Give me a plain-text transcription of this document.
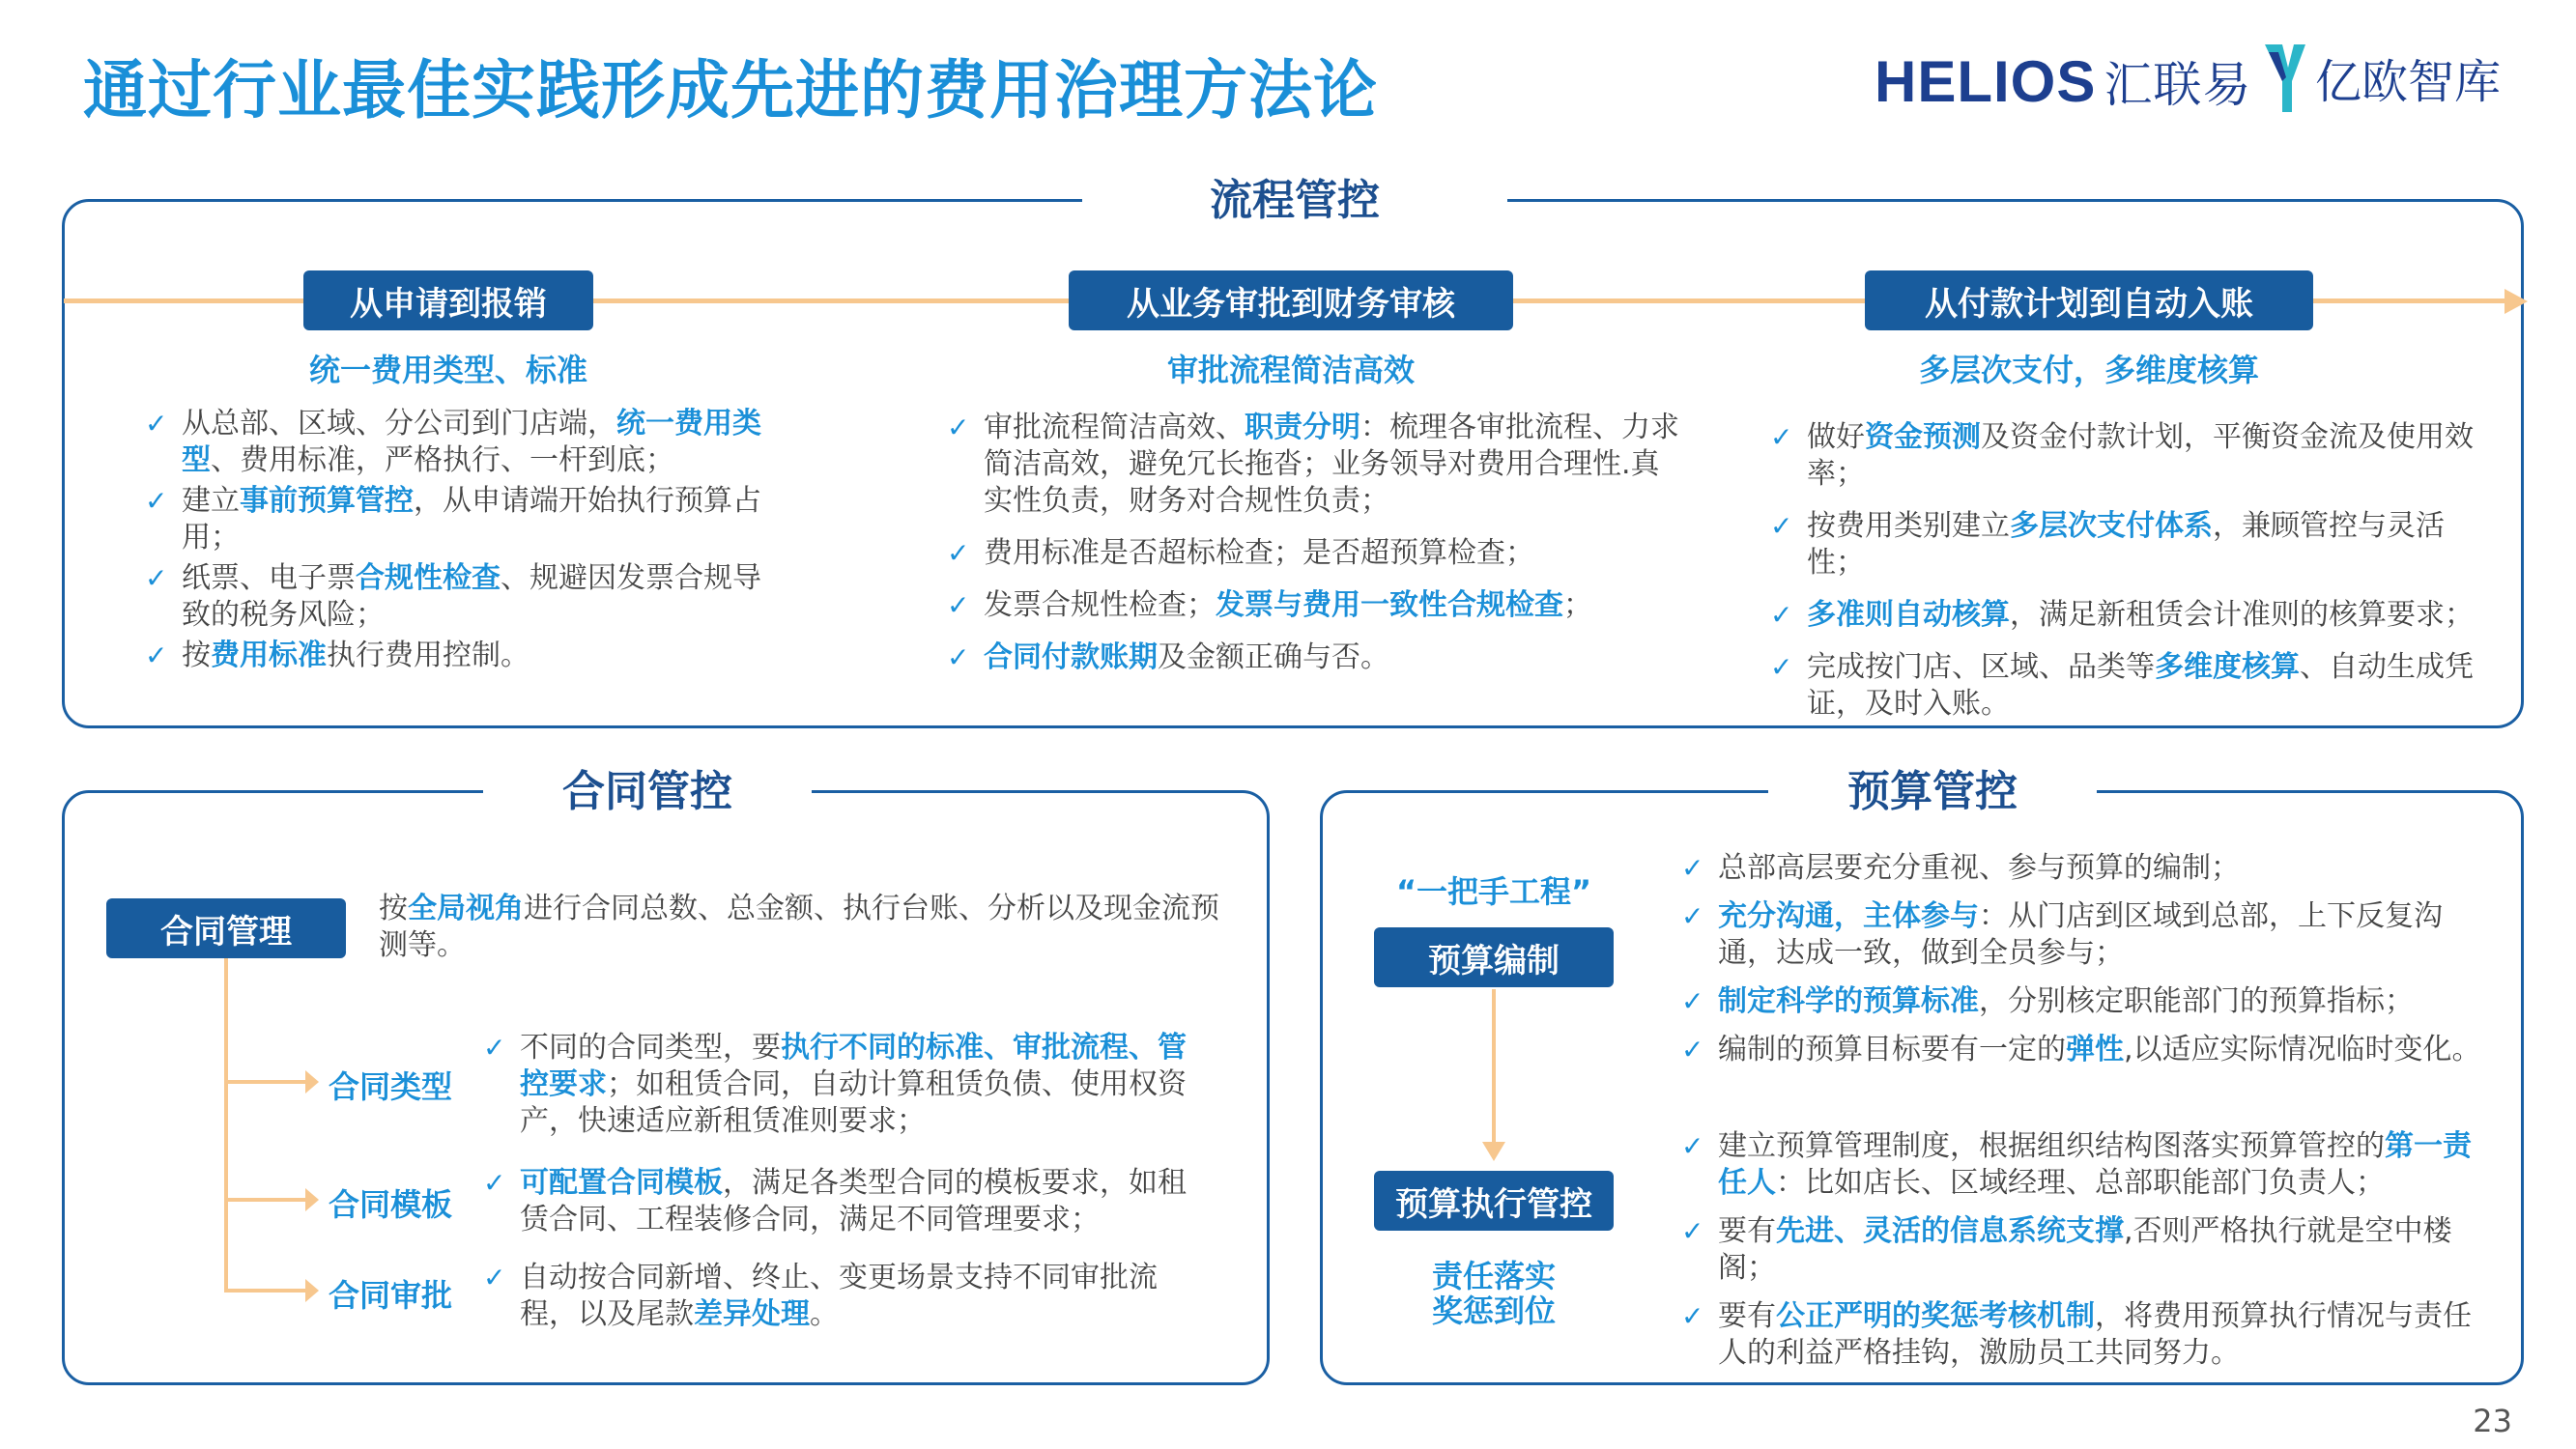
通过行业最佳实践形成先进的费用治理方法论	HELIOS 汇联易 亿欧智库
流程管控
从申请到报销
统一费用类型、标准
✓ 从总部、区域、分公司到门店端，统一费用类型、费用标准，严格执行、一杆到底；
✓ 建立事前预算管控，从申请端开始执行预算占用；
✓ 纸票、电子票合规性检查、规避因发票合规导致的税务风险；
✓ 按费用标准执行费用控制。
从业务审批到财务审核
审批流程简洁高效
✓ 审批流程简洁高效、职责分明：梳理各审批流程、力求简洁高效，避免冗长拖沓；业务领导对费用合理性.真实性负责，财务对合规性负责；
✓ 费用标准是否超标检查；是否超预算检查；
✓ 发票合规性检查；发票与费用一致性合规检查；
✓ 合同付款账期及金额正确与否。
从付款计划到自动入账
多层次支付，多维度核算
✓ 做好资金预测及资金付款计划，平衡资金流及使用效率；
✓ 按费用类别建立多层次支付体系，兼顾管控与灵活性；
✓ 多准则自动核算，满足新租赁会计准则的核算要求；
✓ 完成按门店、区域、品类等多维度核算、自动生成凭证，及时入账。
合同管控
合同管理
按全局视角进行合同总数、总金额、执行台账、分析以及现金流预测等。
合同类型
合同模板
合同审批
✓ 不同的合同类型，要执行不同的标准、审批流程、管控要求；如租赁合同，自动计算租赁负债、使用权资产，快速适应新租赁准则要求；
✓ 可配置合同模板，满足各类型合同的模板要求，如租赁合同、工程装修合同，满足不同管理要求；
✓ 自动按合同新增、终止、变更场景支持不同审批流程，以及尾款差异处理。
预算管控
“一把手工程”
预算编制
预算执行管控
责任落实
奖惩到位
✓ 总部高层要充分重视、参与预算的编制；
✓ 充分沟通，主体参与：从门店到区域到总部，上下反复沟通，达成一致，做到全员参与；
✓ 制定科学的预算标准，分别核定职能部门的预算指标；
✓ 编制的预算目标要有一定的弹性,以适应实际情况临时变化。
✓ 建立预算管理制度，根据组织结构图落实预算管控的第一责任人：比如店长、区域经理、总部职能部门负责人；
✓ 要有先进、灵活的信息系统支撑,否则严格执行就是空中楼阁；
✓ 要有公正严明的奖惩考核机制，将费用预算执行情况与责任人的利益严格挂钩，激励员工共同努力。
23
